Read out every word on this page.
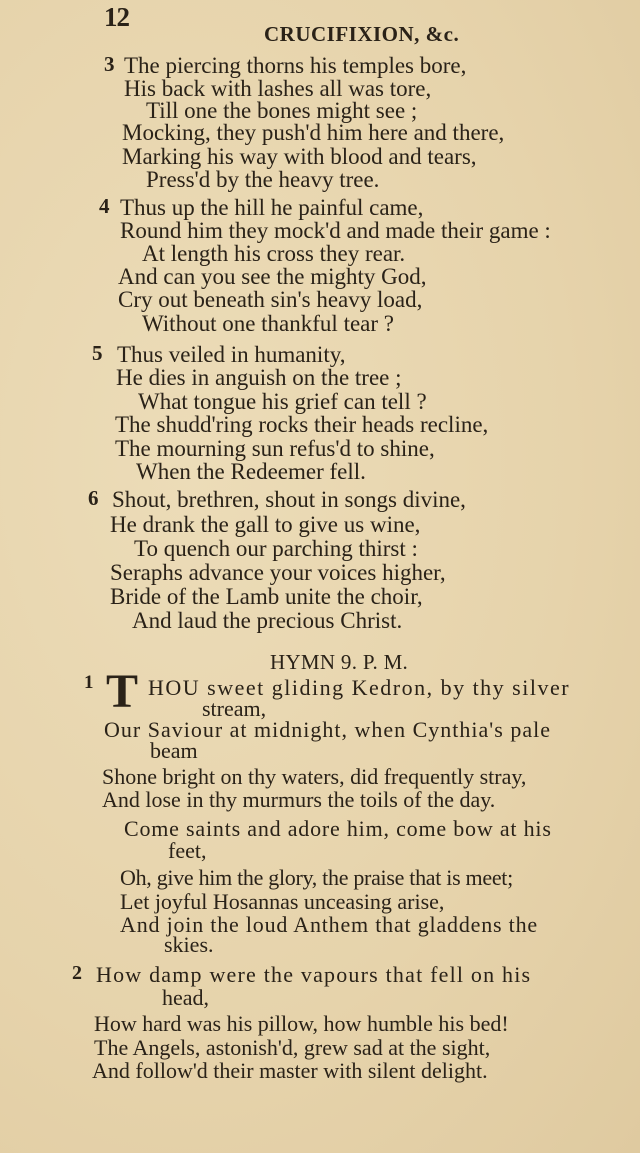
12
CRUCIFIXION, &c.
3 The piercing thorns his temples bore,
His back with lashes all was tore,
Till one the bones might see ;
Mocking, they push'd him here and there,
Marking his way with blood and tears,
Press'd by the heavy tree.
4 Thus up the hill he painful came,
Round him they mock'd and made their game :
At length his cross they rear.
And can you see the mighty God,
Cry out beneath sin's heavy load,
Without one thankful tear ?
5 Thus veiled in humanity,
He dies in anguish on the tree ;
What tongue his grief can tell ?
The shudd'ring rocks their heads recline,
The mourning sun refus'd to shine,
When the Redeemer fell.
6 Shout, brethren, shout in songs divine,
He drank the gall to give us wine,
To quench our parching thirst :
Seraphs advance your voices higher,
Bride of the Lamb unite the choir,
And laud the precious Christ.
HYMN 9. P. M.
1 T HOU sweet gliding Kedron, by thy silver
stream,
Our Saviour at midnight, when Cynthia's pale
beam
Shone bright on thy waters, did frequently stray,
And lose in thy murmurs the toils of the day.
Come saints and adore him, come bow at his
feet,
Oh, give him the glory, the praise that is meet;
Let joyful Hosannas unceasing arise,
And join the loud Anthem that gladdens the
skies.
2 How damp were the vapours that fell on his
head,
How hard was his pillow, how humble his bed!
The Angels, astonish'd, grew sad at the sight,
And follow'd their master with silent delight.
